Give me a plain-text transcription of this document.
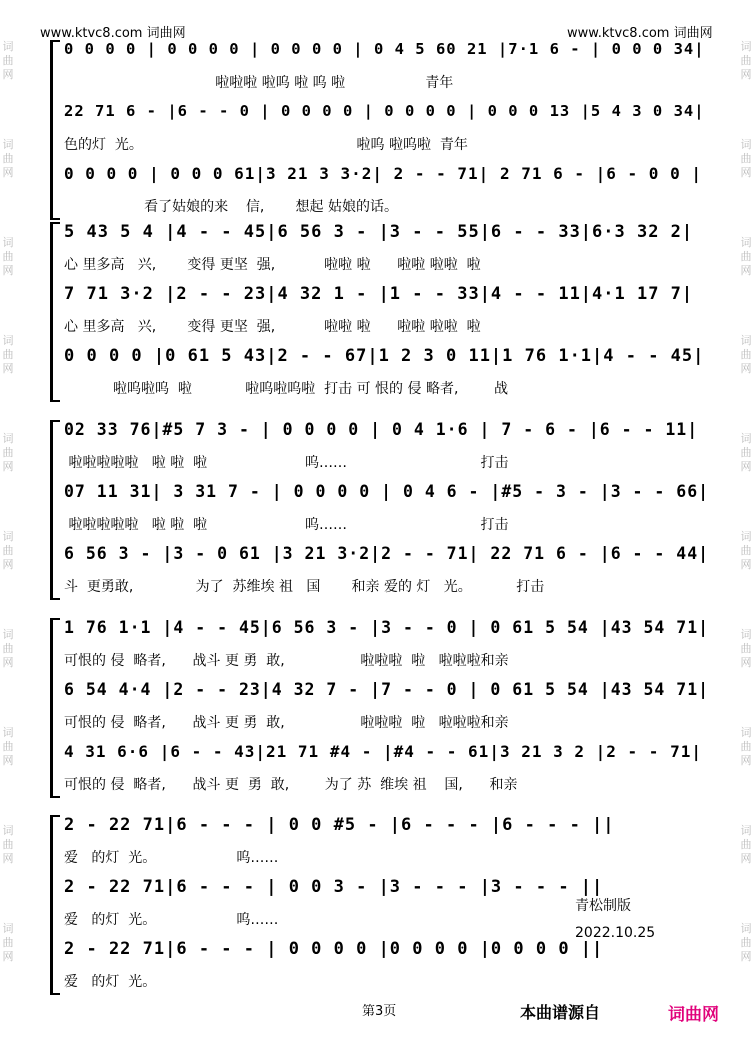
词
曲
网
词
曲
网
词
曲
网
词
曲
网
词
曲
网
词
曲
网
词
曲
网
词
曲
网
词
曲
网
词
曲
网
词
曲
网
词
曲
网
词
曲
网
词
曲
网
词
曲
网
词
曲
网
词
曲
网
词
曲
网
词
曲
网
词
曲
网
www.ktvc8.com 词曲网	www.ktvc8.com 词曲网
0 0 0 0 | 0 0 0 0 | 0 0 0 0 | 0 4 5 60 21 |7·1 6 - | 0 0 0 34|
啦啦啦 啦呜 啦 呜 啦                  青年
22 71 6 - |6 - - 0 | 0 0 0 0 | 0 0 0 0 | 0 0 0 13 |5 4 3 0 34|
色的灯  光。                                                啦呜 啦呜啦  青年
0 0 0 0 | 0 0 0 61|3 21 3 3·2| 2 - - 71| 2 71 6 - |6 - 0 0 |
看了姑娘的来    信,       想起 姑娘的话。
5 43 5 4 |4 - - 45|6 56 3 - |3 - - 55|6 - - 33|6·3 32 2|
心 里多高   兴,       变得 更坚  强,           啦啦 啦      啦啦 啦啦  啦
7 71 3·2 |2 - - 23|4 32 1 - |1 - - 33|4 - - 11|4·1 17 7|
心 里多高   兴,       变得 更坚  强,           啦啦 啦      啦啦 啦啦  啦
0 0 0 0 |0 61 5 43|2 - - 67|1 2 3 0 11|1 76 1·1|4 - - 45|
啦呜啦呜  啦            啦呜啦呜啦  打击 可 恨的 侵 略者,        战
02 33 76|#5 7 3 - | 0 0 0 0 | 0 4 1·6 | 7 - 6 - |6 - - 11|
啦啦啦啦啦   啦 啦  啦                      呜……                              打击
07 11 31| 3 31 7 - | 0 0 0 0 | 0 4 6 - |#5 - 3 - |3 - - 66|
啦啦啦啦啦   啦 啦  啦                      呜……                              打击
6 56 3 - |3 - 0 61 |3 21 3·2|2 - - 71| 22 71 6 - |6 - - 44|
斗  更勇敢,              为了  苏维埃 祖   国       和亲 爱的 灯   光。          打击
1 76 1·1 |4 - - 45|6 56 3 - |3 - - 0 | 0 61 5 54 |43 54 71|
可恨的 侵  略者,      战斗 更 勇  敢,                 啦啦啦  啦   啦啦啦和亲
6 54 4·4 |2 - - 23|4 32 7 - |7 - - 0 | 0 61 5 54 |43 54 71|
可恨的 侵  略者,      战斗 更 勇  敢,                 啦啦啦  啦   啦啦啦和亲
4 31 6·6 |6 - - 43|21 71 #4 - |#4 - - 61|3 21 3 2 |2 - - 71|
可恨的 侵  略者,      战斗 更  勇  敢,        为了 苏  维埃 祖    国,      和亲
2 - 22 71|6 - - - | 0 0 #5 - |6 - - - |6 - - - ||
爱   的灯  光。                  呜……
2 - 22 71|6 - - - | 0 0 3 - |3 - - - |3 - - - ||
爱   的灯  光。                  呜……
2 - 22 71|6 - - - | 0 0 0 0 |0 0 0 0 |0 0 0 0 ||
爱   的灯  光。
青松制版
2022.10.25
第3页	本曲谱源自	词曲网
